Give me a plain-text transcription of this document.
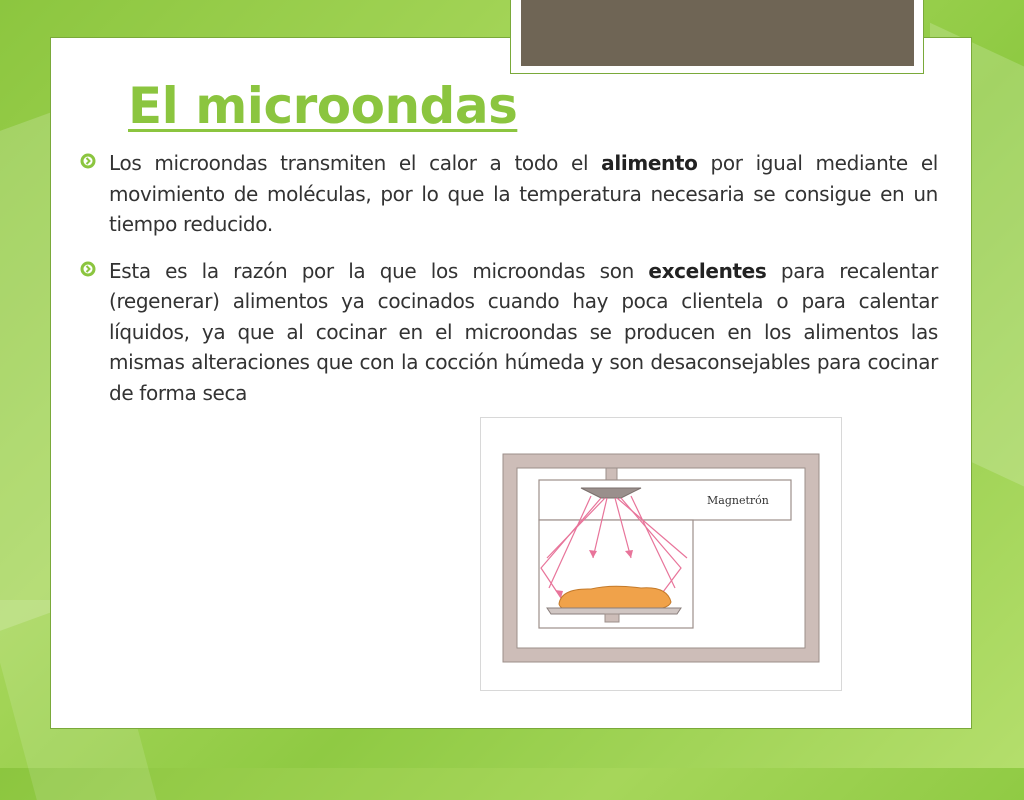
El microondas
Los microondas transmiten el calor a todo el alimento por igual mediante el movimiento de moléculas, por lo que la temperatura necesaria se consigue en un tiempo reducido.
Esta es la razón por la que los microondas son excelentes para recalentar (regenerar) alimentos ya cocinados cuando hay poca clientela o para calentar líquidos, ya que al cocinar en el microondas se producen en los alimentos las mismas alteraciones que con la cocción húmeda y son desaconsejables para cocinar de forma seca
Magnetrón
